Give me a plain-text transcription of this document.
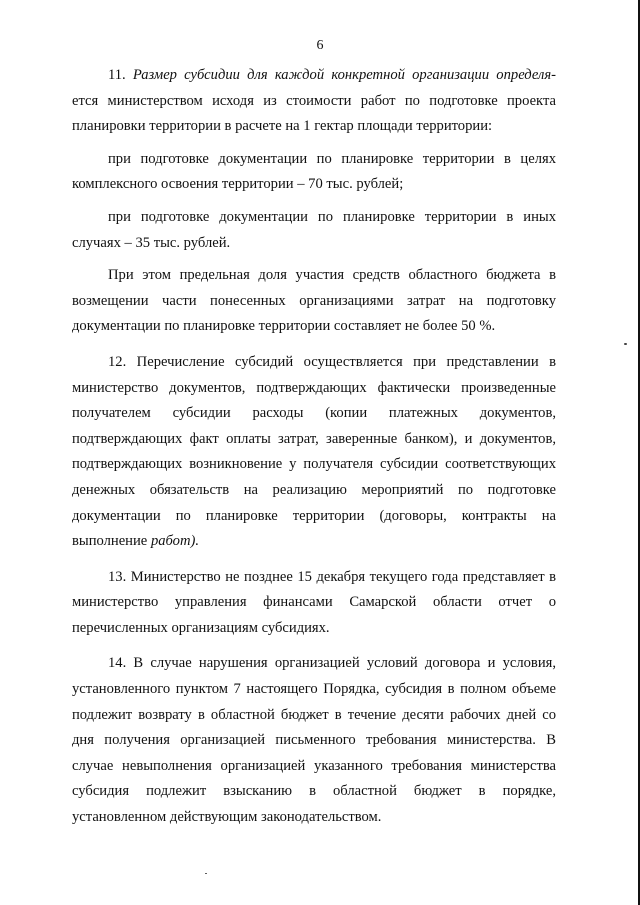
6

11. Размер субсидии для каждой конкретной организации определя- ется министерством исходя из стоимости работ по подготовке проекта планировки территории в расчете на 1 гектар площади территории:

при подготовке документации по планировке территории в целях комплексного освоения территории – 70 тыс. рублей;

при подготовке документации по планировке территории в иных случаях – 35 тыс. рублей.

При этом предельная доля участия средств областного бюджета в возмещении части понесенных организациями затрат на подготовку документации по планировке территории составляет не более 50 %.

12. Перечисление субсидий осуществляется при представлении в министерство документов, подтверждающих фактически произведенные получателем субсидии расходы (копии платежных документов, подтверждающих факт оплаты затрат, заверенные банком), и документов, подтверждающих возникновение у получателя субсидии соответствующих денежных обязательств на реализацию мероприятий по подготовке документации по планировке территории (договоры, контракты на выполнение работ).

13. Министерство не позднее 15 декабря текущего года представляет в министерство управления финансами Самарской области отчет о перечисленных организациям субсидиях.

14. В случае нарушения организацией условий договора и условия, установленного пунктом 7 настоящего Порядка, субсидия в полном объеме подлежит возврату в областной бюджет в течение десяти рабочих дней со дня получения организацией письменного требования министерства. В случае невыполнения организацией указанного требования министерства субсидия подлежит взысканию в областной бюджет в порядке, установленном действующим законодательством.
